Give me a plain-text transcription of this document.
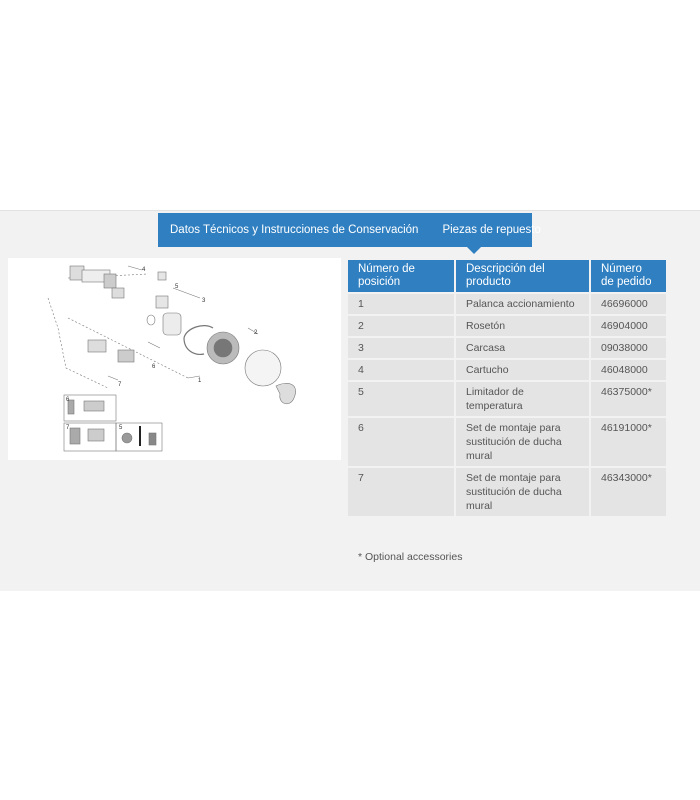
Datos Técnicos y Instrucciones de Conservación	Piezas de repuesto
4
5
3
2
1
6
7
6
7	5
Número de posición	Descripción del producto	Número de pedido
1	Palanca accionamiento	46696000
2	Rosetón	46904000
3	Carcasa	09038000
4	Cartucho	46048000
5	Limitador de temperatura	46375000*
6	Set de montaje para sustitución de ducha mural	46191000*
7	Set de montaje para sustitución de ducha mural	46343000*
* Optional accessories
